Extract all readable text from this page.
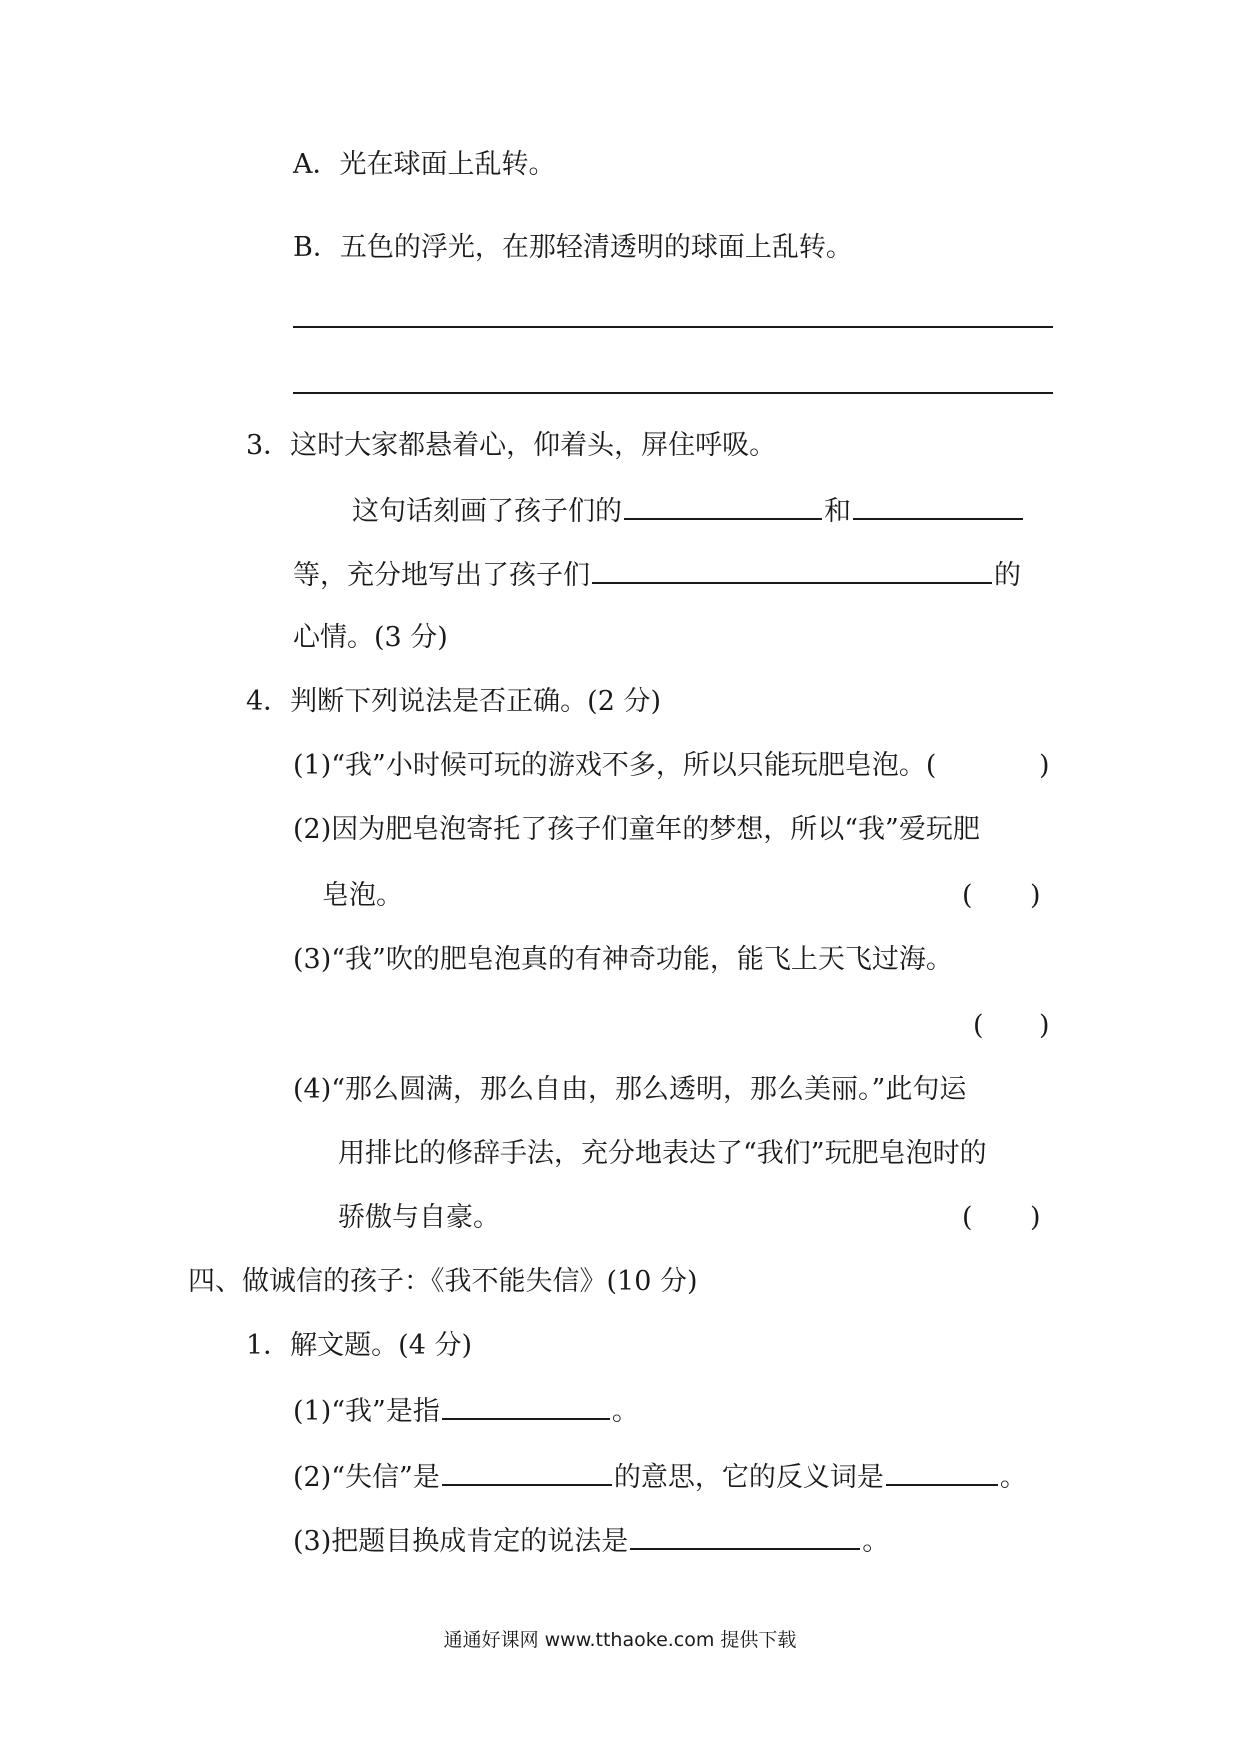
A．光在球面上乱转。
B．五色的浮光，在那轻清透明的球面上乱转。
3．这时大家都悬着心，仰着头，屏住呼吸。
这句话刻画了孩子们的	和
等，充分地写出了孩子们	的
心情。(3 分)
4．判断下列说法是否正确。(2 分)
(1)“我”小时候可玩的游戏不多，所以只能玩肥皂泡。(	)
(2)因为肥皂泡寄托了孩子们童年的梦想，所以“我”爱玩肥
皂泡。	( )
(3)“我”吹的肥皂泡真的有神奇功能，能飞上天飞过海。
( )
(4)“那么圆满，那么自由，那么透明，那么美丽。”此句运
用排比的修辞手法，充分地表达了“我们”玩肥皂泡时的
骄傲与自豪。	( )
四、做诚信的孩子：《我不能失信》(10 分)
1．解文题。(4 分)
(1)“我”是指	。
(2)“失信”是	的意思，它的反义词是	。
(3)把题目换成肯定的说法是	。
通通好课网 www.tthaoke.com 提供下载
